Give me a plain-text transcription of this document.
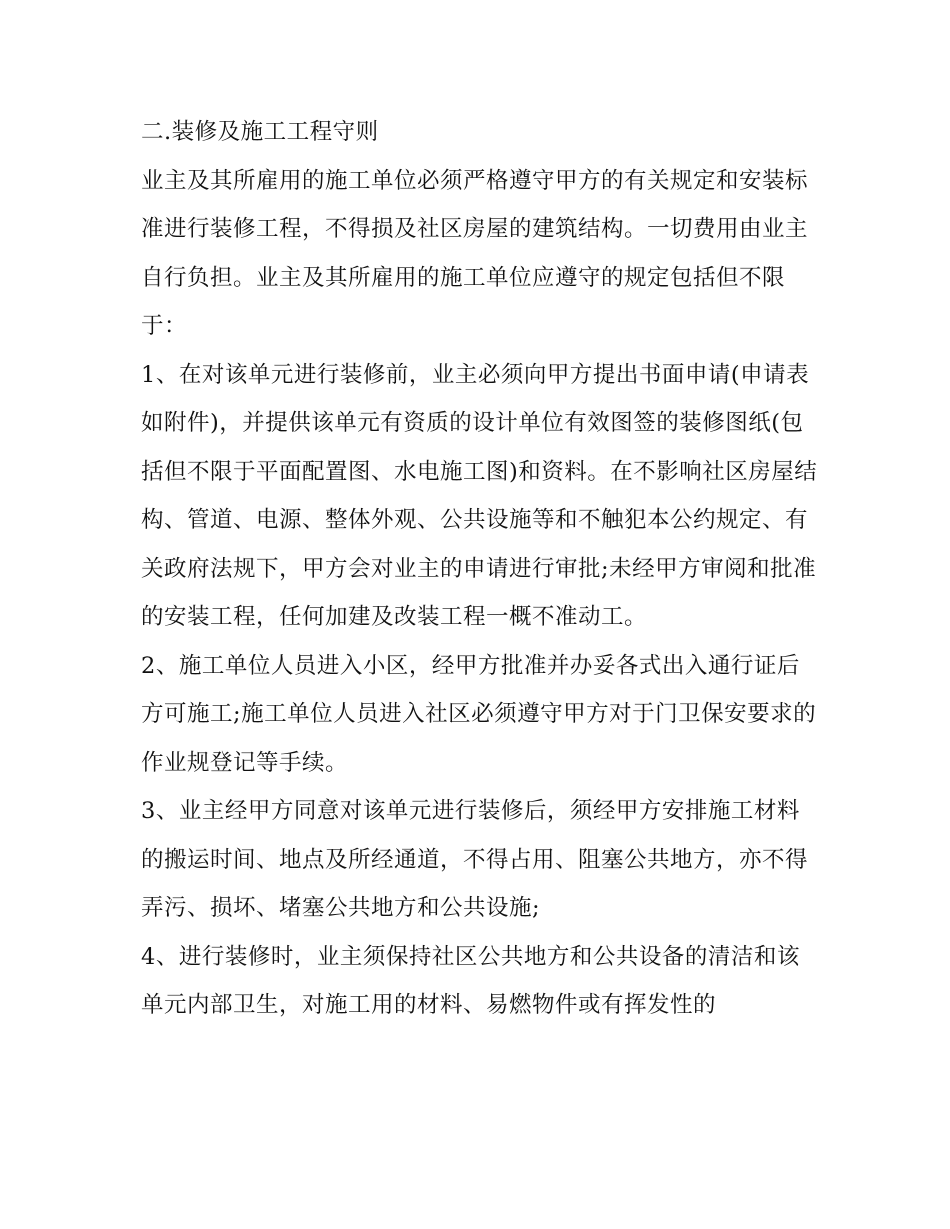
二.装修及施工工程守则

业主及其所雇用的施工单位必须严格遵守甲方的有关规定和安装标准进行装修工程，不得损及社区房屋的建筑结构。一切费用由业主自行负担。业主及其所雇用的施工单位应遵守的规定包括但不限于：

1、在对该单元进行装修前，业主必须向甲方提出书面申请(申请表如附件)，并提供该单元有资质的设计单位有效图签的装修图纸(包括但不限于平面配置图、水电施工图)和资料。在不影响社区房屋结构、管道、电源、整体外观、公共设施等和不触犯本公约规定、有关政府法规下，甲方会对业主的申请进行审批;未经甲方审阅和批准的安装工程，任何加建及改装工程一概不准动工。

2、施工单位人员进入小区，经甲方批准并办妥各式出入通行证后方可施工;施工单位人员进入社区必须遵守甲方对于门卫保安要求的作业规登记等手续。

3、业主经甲方同意对该单元进行装修后，须经甲方安排施工材料的搬运时间、地点及所经通道，不得占用、阻塞公共地方，亦不得弄污、损坏、堵塞公共地方和公共设施;

4、进行装修时，业主须保持社区公共地方和公共设备的清洁和该单元内部卫生，对施工用的材料、易燃物件或有挥发性的
